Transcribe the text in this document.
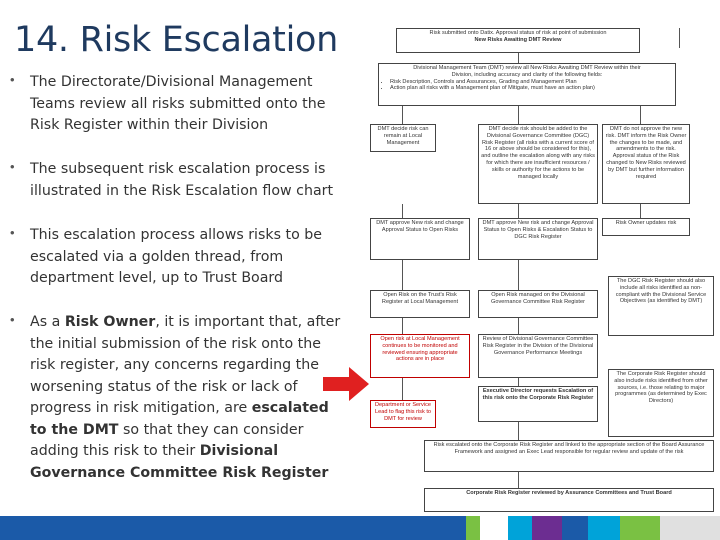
14. Risk Escalation
• The Directorate/Divisional Management Teams review all risks submitted onto the Risk Register within their Division
• The subsequent risk escalation process is illustrated in the Risk Escalation flow chart
• This escalation process allows risks to be escalated via a golden thread, from department level, up to Trust Board
• As a Risk Owner, it is important that, after the initial submission of the risk onto the risk register, any concerns regarding the worsening status of the risk or lack of progress in risk mitigation, are escalated to the DMT so that they can consider adding this risk to their Divisional Governance Committee Risk Register
Risk submitted onto Datix. Approval status of risk at point of submission
New Risks Awaiting DMT Review
Divisional Management Team (DMT) review all New Risks Awaiting DMT Review within their
Division, including accuracy and clarity of the following fields:
• Risk Description, Controls and Assurances, Grading and Management Plan
• Action plan all risks with a Management plan of Mitigate, must have an action plan)
DMT decide risk can remain at Local Management
DMT decide risk should be added to the Divisional Governance Committee (DGC) Risk Register (all risks with a current score of 16 or above should be considered for this), and outline the escalation along with any risks for which there are insufficient resources / skills or authority for the actions to be managed locally
DMT do not approve the new risk. DMT inform the Risk Owner the changes to be made, and amendments to the risk. Approval status of the Risk changed to New Risks reviewed by DMT but further information required
DMT approve New risk and change Approval Status to Open Risks
DMT approve New risk and change Approval Status to Open Risks & Escalation Status to DGC Risk Register
Risk Owner updates risk
Open Risk on the Trust's Risk Register at Local Management
Open Risk managed on the Divisional Governance Committee Risk Register
The DGC Risk Register should also include all risks identified as non-compliant with the Divisional Service Objectives (as identified by DMT)
Open risk at Local Management continues to be monitored and reviewed ensuring appropriate actions are in place
Review of Divisional Governance Committee Risk Register in the Division of the Divisional Governance Performance Meetings
The Corporate Risk Register should also include risks identified from other sources, i.e. those relating to major programmes (as determined by Exec Directors)
Department or Service Lead to flag this risk to DMT for review
Executive Director requests Escalation of this risk onto the Corporate Risk Register
Risk escalated onto the Corporate Risk Register and linked to the appropriate section of the Board Assurance Framework and assigned an Exec Lead responsible for regular review and update of the risk
Corporate Risk Register reviewed by Assurance Committees and Trust Board
